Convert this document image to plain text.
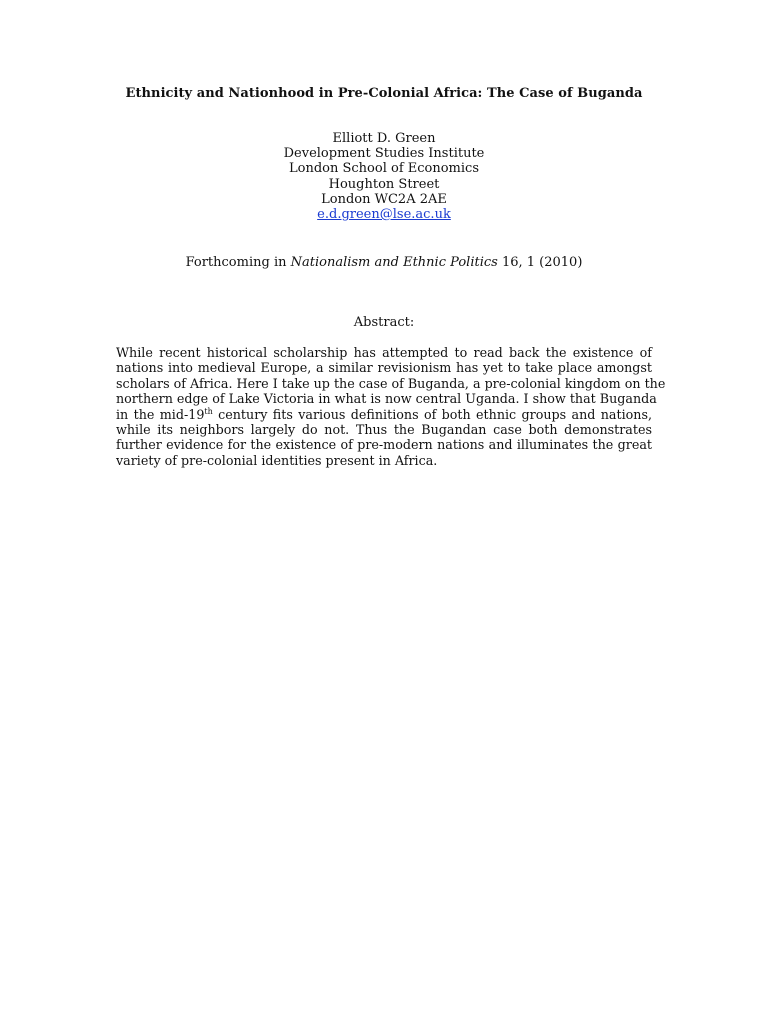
Ethnicity and Nationhood in Pre-Colonial Africa: The Case of Buganda
Elliott D. Green
Development Studies Institute
London School of Economics
Houghton Street
London WC2A 2AE
e.d.green@lse.ac.uk
Forthcoming in Nationalism and Ethnic Politics 16, 1 (2010)
Abstract:
While recent historical scholarship has attempted to read back the existence of
nations into medieval Europe, a similar revisionism has yet to take place amongst
scholars of Africa. Here I take up the case of Buganda, a pre-colonial kingdom on the
northern edge of Lake Victoria in what is now central Uganda. I show that Buganda
in the mid-19th century fits various definitions of both ethnic groups and nations,
while its neighbors largely do not. Thus the Bugandan case both demonstrates
further evidence for the existence of pre-modern nations and illuminates the great
variety of pre-colonial identities present in Africa.
